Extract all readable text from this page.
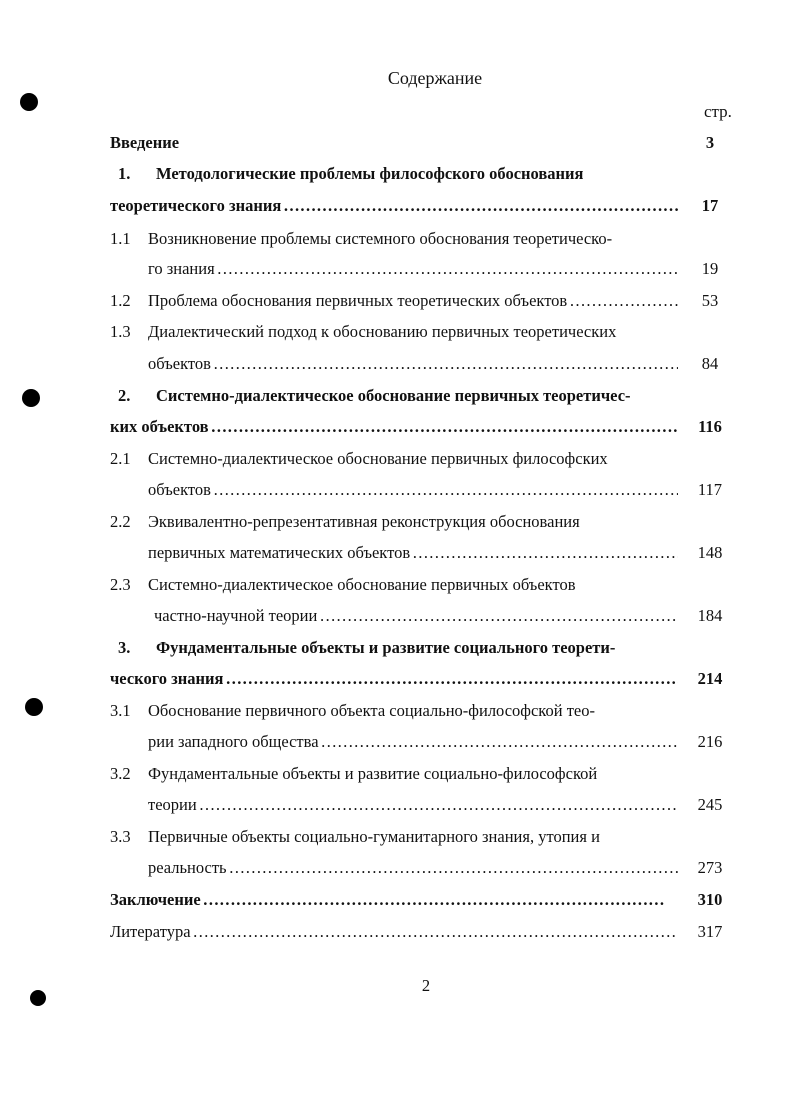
Содержание
стр.
Введение	3
1. Методологические проблемы философского обоснования
теоретического знания ………………………………………………………………………………………………………………………………………………………………………………	17
1.1 Возникновение проблемы системного обоснования теоретическо-
го знания ………………………………………………………………………………………………………………………………………………………………………………	19
1.2	Проблема обоснования первичных теоретических объектов ………………………………………………………………………………………………………………………………………………………………………………	53
1.3 Диалектический подход к обоснованию первичных теоретических
объектов ………………………………………………………………………………………………………………………………………………………………………………	84
2. Системно-диалектическое обоснование первичных теоретичес-
ких объектов ………………………………………………………………………………………………………………………………………………………………………………	116
2.1 Системно-диалектическое обоснование первичных философских
объектов ………………………………………………………………………………………………………………………………………………………………………………	117
2.2 Эквивалентно-репрезентативная реконструкция обоснования
первичных математических объектов ………………………………………………………………………………………………………………………………………………………………………………	148
2.3 Системно-диалектическое обоснование первичных объектов
частно-научной теории ………………………………………………………………………………………………………………………………………………………………………………	184
3. Фундаментальные объекты и развитие социального теорети-
ческого знания ………………………………………………………………………………………………………………………………………………………………………………	214
3.1 Обоснование первичного объекта социально-философской тео-
рии западного общества ………………………………………………………………………………………………………………………………………………………………………………	216
3.2 Фундаментальные объекты и развитие социально-философской
теории ………………………………………………………………………………………………………………………………………………………………………………	245
3.3 Первичные объекты социально-гуманитарного знания, утопия и
реальность ………………………………………………………………………………………………………………………………………………………………………………	273
Заключение ………………………………………………………………………………………………………………………………………………………………………………	310
Литература ………………………………………………………………………………………………………………………………………………………………………………	317
2
